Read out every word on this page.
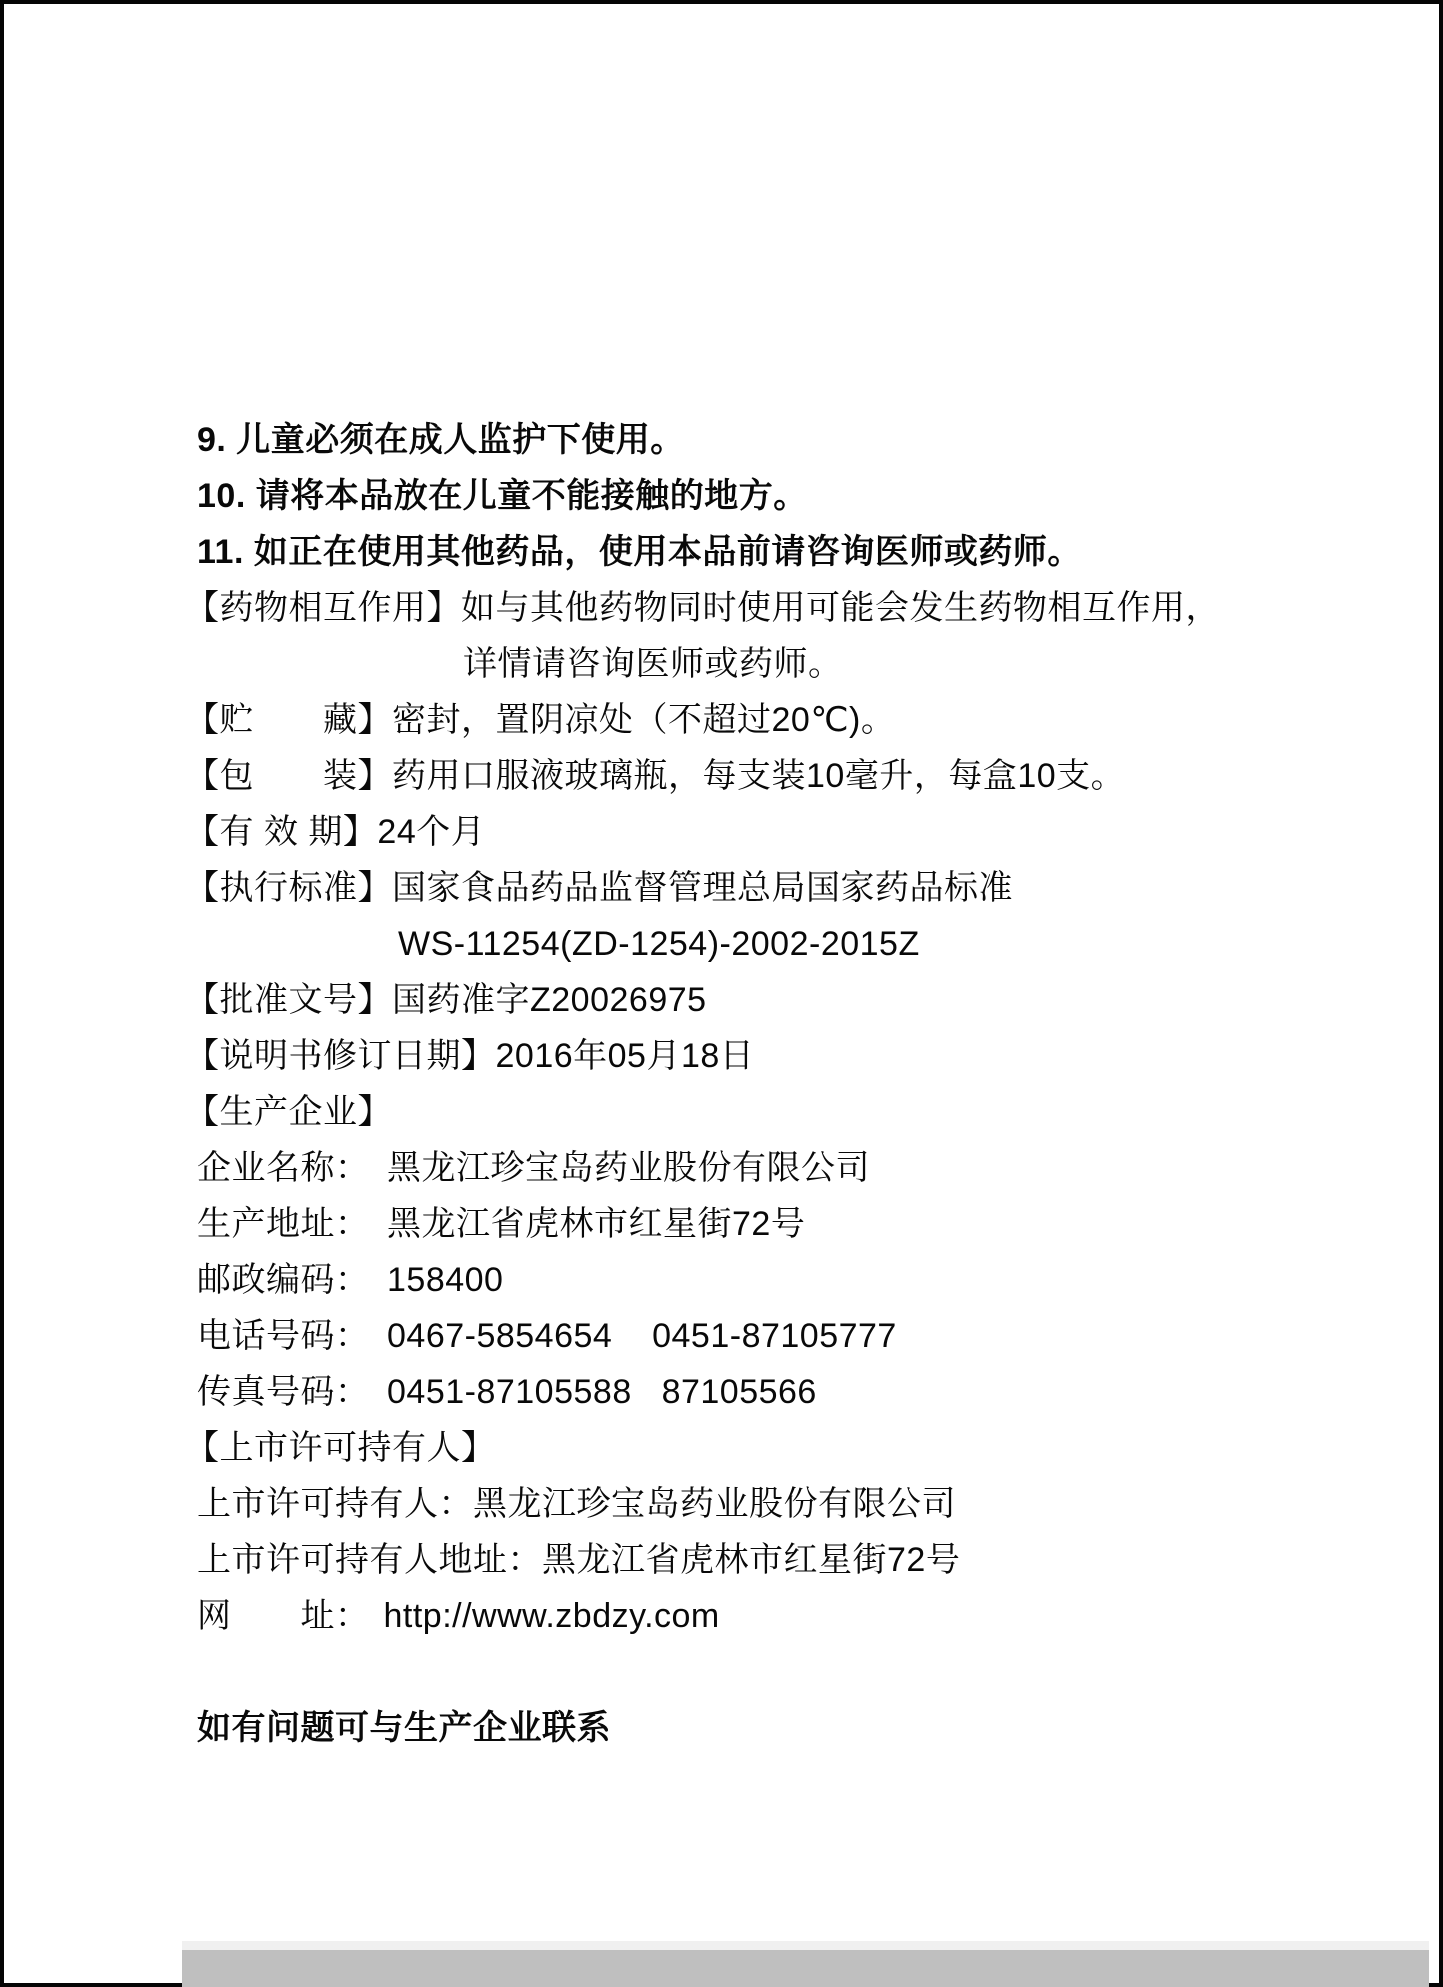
9. 儿童必须在成人监护下使用。
10. 请将本品放在儿童不能接触的地方。
11. 如正在使用其他药品，使用本品前请咨询医师或药师。
【药物相互作用】如与其他药物同时使用可能会发生药物相互作用，
详情请咨询医师或药师。
【贮　　藏】密封，置阴凉处（不超过20℃)。
【包　　装】药用口服液玻璃瓶，每支装10毫升，每盒10支。
【有 效 期】24个月
【执行标准】国家食品药品监督管理总局国家药品标准
WS-11254(ZD-1254)-2002-2015Z
【批准文号】国药准字Z20026975
【说明书修订日期】2016年05月18日
【生产企业】
企业名称： 黑龙江珍宝岛药业股份有限公司
生产地址： 黑龙江省虎林市红星街72号
邮政编码： 158400
电话号码： 0467-5854654    0451-87105777
传真号码： 0451-87105588   87105566
【上市许可持有人】
上市许可持有人：黑龙江珍宝岛药业股份有限公司
上市许可持有人地址：黑龙江省虎林市红星街72号
网　　址： http://www.zbdzy.com
如有问题可与生产企业联系
